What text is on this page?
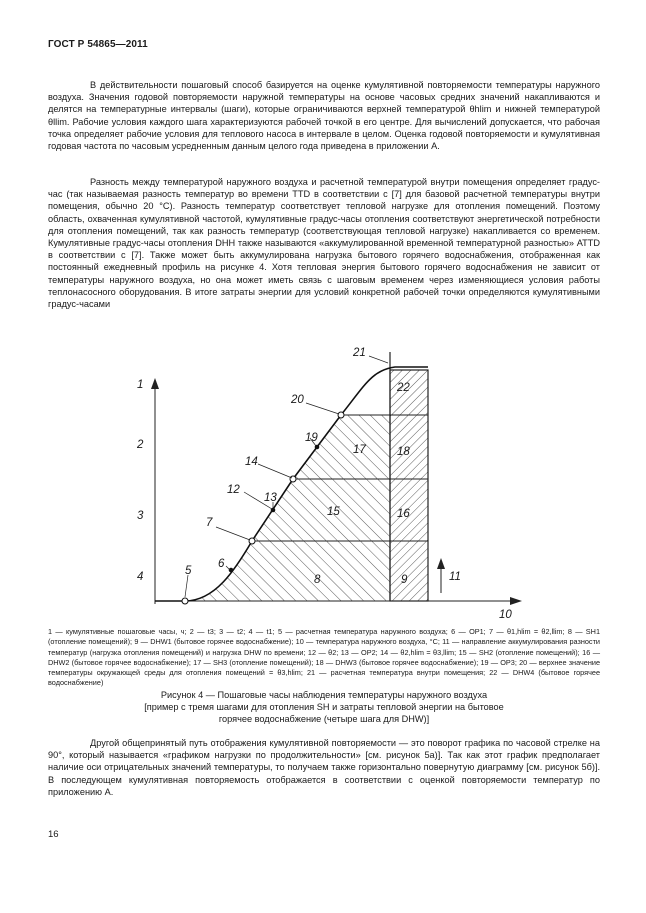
ГОСТ Р 54865—2011

В действительности пошаговый способ базируется на оценке кумулятивной повторяемости температуры наружного воздуха. Значения годовой повторяемости наружной температуры на основе часовых средних значений накапливаются и делятся на температурные интервалы (шаги), которые ограничиваются верхней температурой θhlim и нижней температурой θllim. Рабочие условия каждого шага характеризуются рабочей точкой в его центре. Для вычислений допускается, что рабочая точка определяет рабочие условия для теплового насоса в интервале в целом. Оценка годовой повторяемости и кумулятивная годовая частота по часовым усредненным данным целого года приведена в приложении А.

Разность между температурой наружного воздуха и расчетной температурой внутри помещения определяет градус-час (так называемая разность температур во времени TTD в соответствии с [7] для базовой расчетной температуры внутри помещения, обычно 20 °С). Разность температур соответствует тепловой нагрузке для отопления помещений. Поэтому область, охваченная кумулятивной частотой, кумулятивные градус-часы отопления соответствуют энергетической потребности для отопления помещений, так как разность температур (соответствующая тепловой нагрузке) накапливается со временем. Кумулятивные градус-часы отопления DHH также называются «аккумулированной временной температурной разностью» ATTD в соответствии с [7]. Также может быть аккумулирована нагрузка бытового горячего водоснабжения, отображенная как постоянный ежедневный профиль на рисунке 4. Хотя тепловая энергия бытового горячего водоснабжения не зависит от температуры наружного воздуха, но она может иметь связь с шаговым временем через изменяющиеся условия работы теплонасосного оборудования. В итоге затраты энергии для условий конкретной рабочей точки определяются кумулятивными градус-часами

1
2
3
4	5
6
7
8	9
10
11
12
13
14
15	16
17	18
19
20
21
22

1 — кумулятивные пошаговые часы, ч; 2 — t3; 3 — t2; 4 — t1; 5 — расчетная температура наружного воздуха; 6 — OP1; 7 — θ1,hlim = θ2,llim; 8 — SH1 (отопление помещений); 9 — DHW1 (бытовое горячее водоснабжение); 10 — температура наружного воздуха, °С; 11 — направление аккумулирования разности температур (нагрузка отопления помещений) и нагрузка DHW по времени; 12 — θ2; 13 — OP2; 14 — θ2,hlim = θ3,llim; 15 — SH2 (отопление помещений); 16 — DHW2 (бытовое горячее водоснабжение); 17 — SH3 (отопление помещений); 18 — DHW3 (бытовое горячее водоснабжение); 19 — OP3; 20 — верхнее значение температуры окружающей среды для отопления помещений = θ3,hlim; 21 — расчетная температура внутри помещения; 22 — DHW4 (бытовое горячее водоснабжение)

Рисунок 4 — Пошаговые часы наблюдения температуры наружного воздуха
[пример с тремя шагами для отопления SH и затраты тепловой энергии на бытовое
горячее водоснабжение (четыре шага для DHW)]

Другой общепринятый путь отображения кумулятивной повторяемости — это поворот графика по часовой стрелке на 90°, который называется «графиком нагрузки по продолжительности» [см. рисунок 5а)]. Так как этот график предполагает наличие оси отрицательных значений температуры, то получаем также горизонтально повернутую диаграмму [см. рисунок 5б)]. В последующем кумулятивная повторяемость отображается в соответствии с оценкой повторяемости температур по приложению А.

16
